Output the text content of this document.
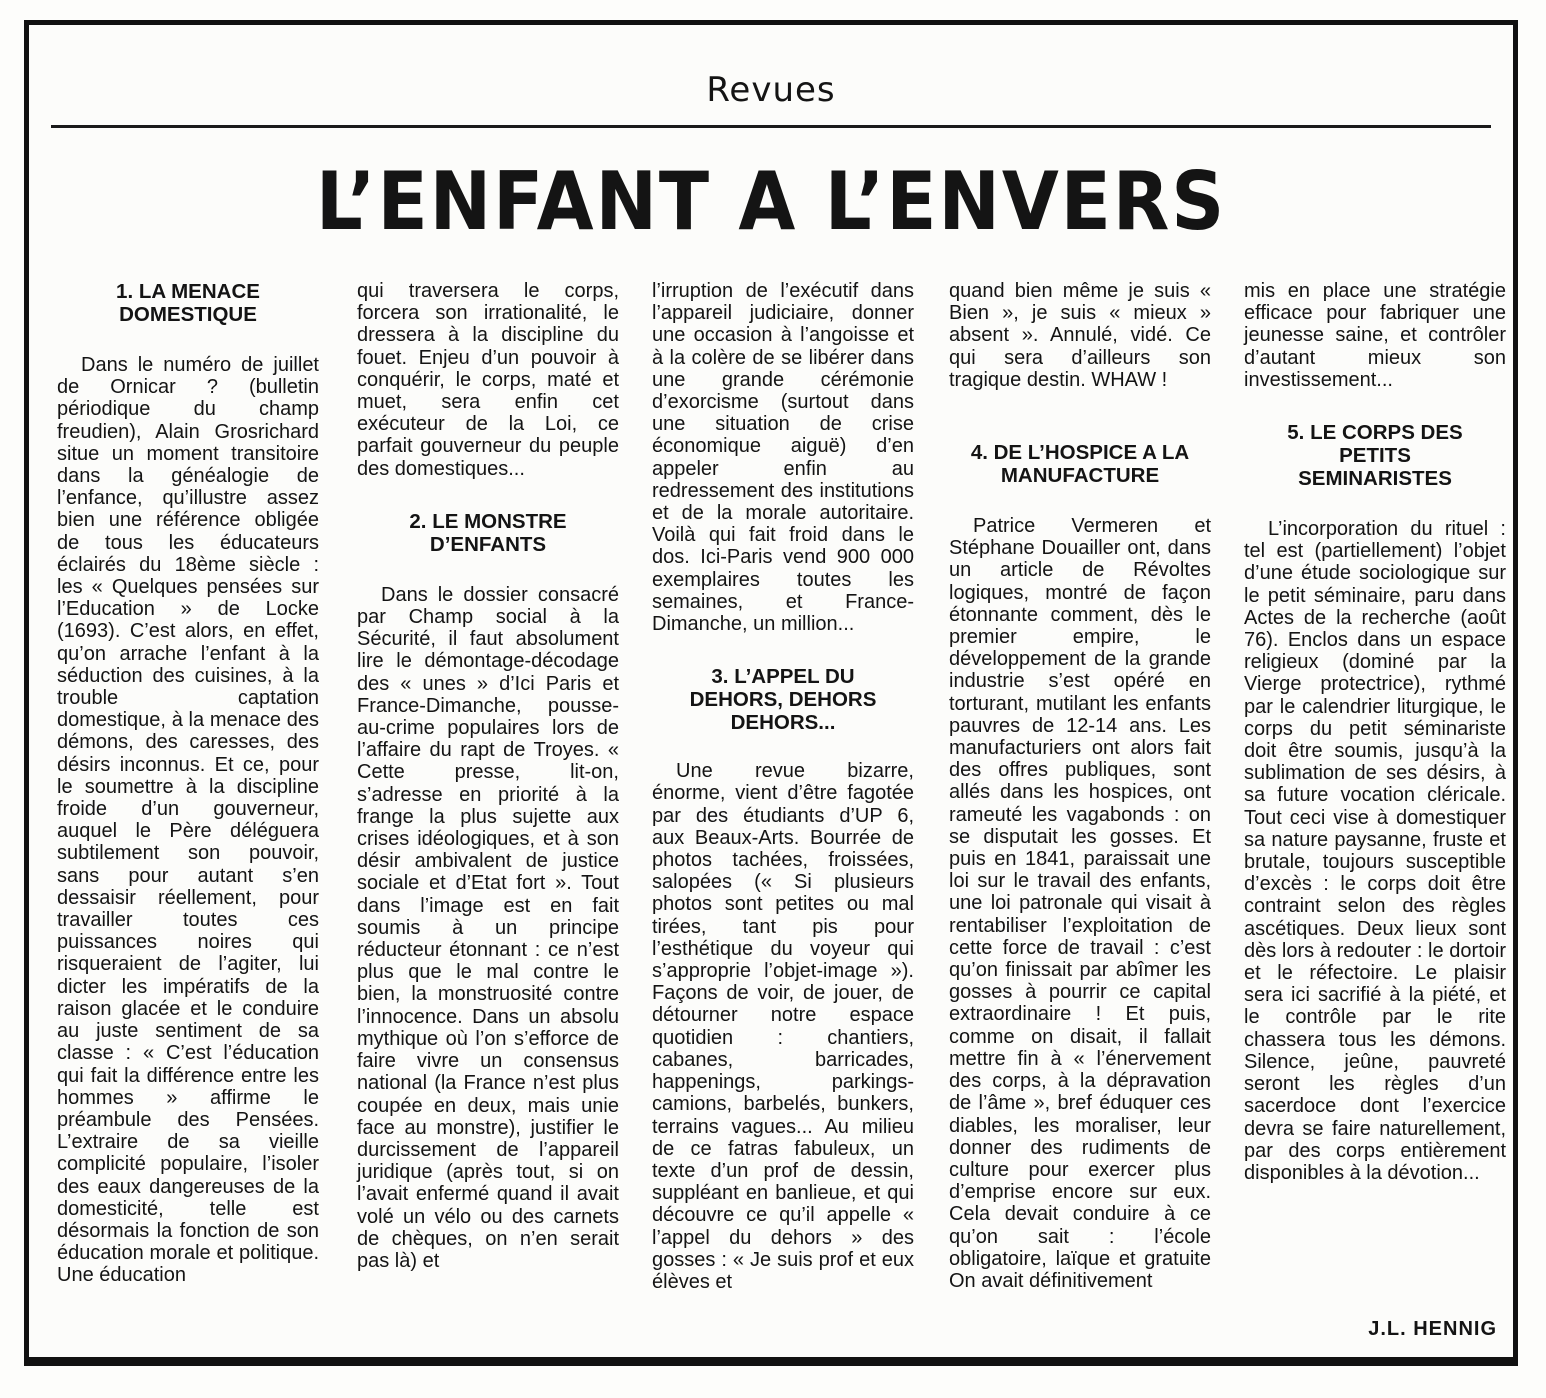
Revues
L’ENFANT A L’ENVERS
1. LA MENACE DOMESTIQUE

Dans le numéro de juillet de Ornicar ? (bulletin périodique du champ freudien), Alain Grosrichard situe un moment transitoire dans la généalogie de l’enfance, qu’illustre assez bien une référence obligée de tous les éducateurs éclairés du 18ème siècle : les « Quelques pensées sur l’Education » de Locke (1693). C’est alors, en effet, qu’on arrache l’enfant à la séduction des cuisines, à la trouble captation domestique, à la menace des démons, des caresses, des désirs inconnus. Et ce, pour le soumettre à la discipline froide d’un gouverneur, auquel le Père déléguera subtilement son pouvoir, sans pour autant s’en dessaisir réellement, pour travailler toutes ces puissances noires qui risqueraient de l’agiter, lui dicter les impératifs de la raison glacée et le conduire au juste sentiment de sa classe : « C’est l’éducation qui fait la différence entre les hommes » affirme le préambule des Pensées. L’extraire de sa vieille complicité populaire, l’isoler des eaux dangereuses de la domesticité, telle est désormais la fonction de son éducation morale et politique. Une éducation

qui traversera le corps, forcera son irrationalité, le dressera à la discipline du fouet. Enjeu d’un pouvoir à conquérir, le corps, maté et muet, sera enfin cet exécuteur de la Loi, ce parfait gouverneur du peuple des domestiques...

2. LE MONSTRE D’ENFANTS

Dans le dossier consacré par Champ social à la Sécurité, il faut absolument lire le démontage-décodage des « unes » d’Ici Paris et France-Dimanche, pousse-au-crime populaires lors de l’affaire du rapt de Troyes. « Cette presse, lit-on, s’adresse en priorité à la frange la plus sujette aux crises idéologiques, et à son désir ambivalent de justice sociale et d’Etat fort ». Tout dans l’image est en fait soumis à un principe réducteur étonnant : ce n’est plus que le mal contre le bien, la monstruosité contre l’innocence. Dans un absolu mythique où l’on s’efforce de faire vivre un consensus national (la France n’est plus coupée en deux, mais unie face au monstre), justifier le durcissement de l’appareil juridique (après tout, si on l’avait enfermé quand il avait volé un vélo ou des carnets de chèques, on n’en serait pas là) et

l’irruption de l’exécutif dans l’appareil judiciaire, donner une occasion à l’angoisse et à la colère de se libérer dans une grande cérémonie d’exorcisme (surtout dans une situation de crise économique aiguë) d’en appeler enfin au redressement des institutions et de la morale autoritaire. Voilà qui fait froid dans le dos. Ici-Paris vend 900 000 exemplaires toutes les semaines, et France-Dimanche, un million...

3. L’APPEL DU DEHORS, DEHORS DEHORS...

Une revue bizarre, énorme, vient d’être fagotée par des étudiants d’UP 6, aux Beaux-Arts. Bourrée de photos tachées, froissées, salopées (« Si plusieurs photos sont petites ou mal tirées, tant pis pour l’esthétique du voyeur qui s’approprie l’objet-image »). Façons de voir, de jouer, de détourner notre espace quotidien : chantiers, cabanes, barricades, happenings, parkings-camions, barbelés, bunkers, terrains vagues... Au milieu de ce fatras fabuleux, un texte d’un prof de dessin, suppléant en banlieue, et qui découvre ce qu’il appelle « l’appel du dehors » des gosses : « Je suis prof et eux élèves et

quand bien même je suis « Bien », je suis « mieux » absent ». Annulé, vidé. Ce qui sera d’ailleurs son tragique destin. WHAW !

4. DE L’HOSPICE A LA MANUFACTURE

Patrice Vermeren et Stéphane Douailler ont, dans un article de Révoltes logiques, montré de façon étonnante comment, dès le premier empire, le développement de la grande industrie s’est opéré en torturant, mutilant les enfants pauvres de 12-14 ans. Les manufacturiers ont alors fait des offres publiques, sont allés dans les hospices, ont rameuté les vagabonds : on se disputait les gosses. Et puis en 1841, paraissait une loi sur le travail des enfants, une loi patronale qui visait à rentabiliser l’exploitation de cette force de travail : c’est qu’on finissait par abîmer les gosses à pourrir ce capital extraordinaire ! Et puis, comme on disait, il fallait mettre fin à « l’énervement des corps, à la dépravation de l’âme », bref éduquer ces diables, les moraliser, leur donner des rudiments de culture pour exercer plus d’emprise encore sur eux. Cela devait conduire à ce qu’on sait : l’école obligatoire, laïque et gratuite On avait définitivement

mis en place une stratégie efficace pour fabriquer une jeunesse saine, et contrôler d’autant mieux son investissement...

5. LE CORPS DES PETITS SEMINARISTES

L’incorporation du rituel : tel est (partiellement) l’objet d’une étude sociologique sur le petit séminaire, paru dans Actes de la recherche (août 76). Enclos dans un espace religieux (dominé par la Vierge protectrice), rythmé par le calendrier liturgique, le corps du petit séminariste doit être soumis, jusqu’à la sublimation de ses désirs, à sa future vocation cléricale. Tout ceci vise à domestiquer sa nature paysanne, fruste et brutale, toujours susceptible d’excès : le corps doit être contraint selon des règles ascétiques. Deux lieux sont dès lors à redouter : le dortoir et le réfectoire. Le plaisir sera ici sacrifié à la piété, et le contrôle par le rite chassera tous les démons. Silence, jeûne, pauvreté seront les règles d’un sacerdoce dont l’exercice devra se faire naturellement, par des corps entièrement disponibles à la dévotion...

J.L. HENNIG
